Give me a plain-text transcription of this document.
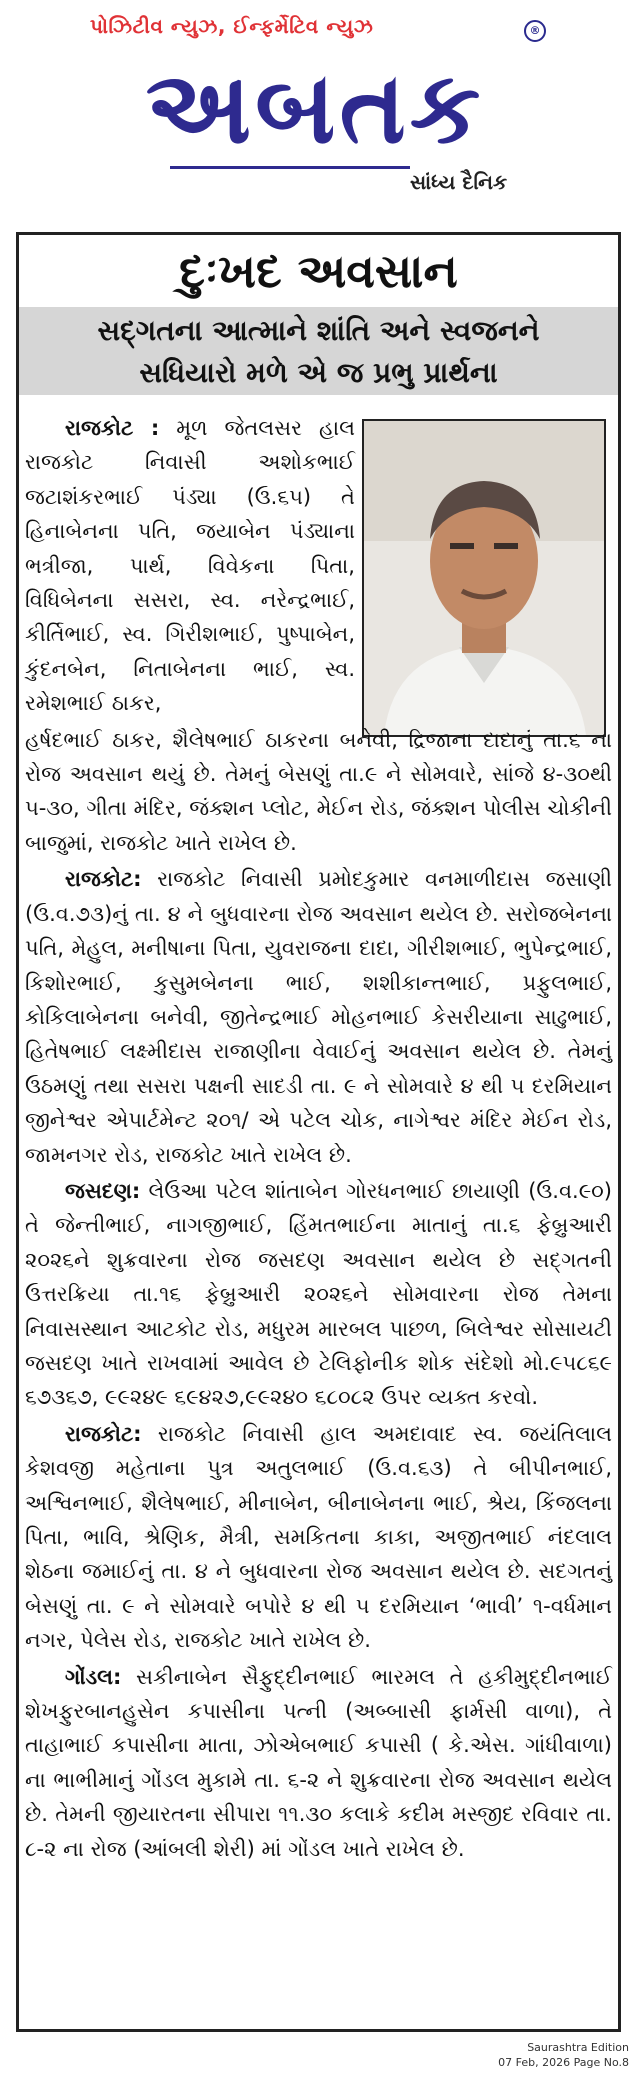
પોઝિટીવ ન્યુઝ, ઈન્ફર્મેટિવ ન્યુઝ	®
અબતક
સાંધ્ય દૈનિક
દુઃખદ અવસાન
સદ્ગતના આત્માને શાંતિ અને સ્વજનને
સધિયારો મળે એ જ પ્રભુ પ્રાર્થના

રાજકોટ : મૂળ જેતલસર હાલ રાજકોટ નિવાસી અશોકભાઈ જટાશંકરભાઈ પંડ્યા (ઉ.૬૫) તે હિનાબેનના પતિ, જયાબેન પંડ્યાના ભત્રીજા, પાર્થ, વિવેકના પિતા, વિધિબેનના સસરા, સ્વ. નરેન્દ્રભાઈ, કીર્તિભાઈ, સ્વ. ગિરીશભાઈ, પુષ્પાબેન, કુંદનબેન, નિતાબેનના ભાઈ, સ્વ. રમેશભાઈ ઠાકર,

હર્ષદભાઈ ઠાકર, શૈલેષભાઈ ઠાકરના બનેવી, દ્રિજાના દાદાનું તા.૬ ના રોજ અવસાન થયું છે. તેમનું બેસણું તા.૯ ને સોમવારે, સાંજે ૪-૩૦થી ૫-૩૦, ગીતા મંદિર, જંક્શન પ્લોટ, મેઈન રોડ, જંક્શન પોલીસ ચોકીની બાજુમાં, રાજકોટ ખાતે રાખેલ છે.

રાજકોટ: રાજકોટ નિવાસી પ્રમોદકુમાર વનમાળીદાસ જસાણી (ઉ.વ.૭૩)નું તા. ૪ ને બુધવારના રોજ અવસાન થયેલ છે. સરોજબેનના પતિ, મેહુલ, મનીષાના પિતા, યુવરાજના દાદા, ગીરીશભાઈ, ભુપેન્દ્રભાઈ, કિશોરભાઈ, કુસુમબેનના ભાઈ, શશીકાન્તભાઈ, પ્રફુલભાઈ, કોકિલાબેનના બનેવી, જીતેન્દ્રભાઈ મોહનભાઈ કેસરીયાના સાઢુભાઈ, હિતેષભાઈ લક્ષ્મીદાસ રાજાણીના વેવાઈનું અવસાન થયેલ છે. તેમનું ઉઠમણું તથા સસરા પક્ષની સાદડી તા. ૯ ને સોમવારે ૪ થી ૫ દરમિયાન જીનેશ્વર એપાર્ટમેન્ટ ૨૦૧/ એ પટેલ ચોક, નાગેશ્વર મંદિર મેઈન રોડ, જામનગર રોડ, રાજકોટ ખાતે રાખેલ છે.

જસદણ: લેઉઆ પટેલ શાંતાબેન ગોરધનભાઈ છાયાણી (ઉ.વ.૯૦) તે જેન્તીભાઈ, નાગજીભાઈ, હિંમતભાઈના માતાનું તા.૬ ફેબ્રુઆરી ૨૦૨૬ને શુક્રવારના રોજ જસદણ અવસાન થયેલ છે સદ્ગતની ઉત્તરક્રિયા તા.૧૬ ફેબ્રુઆરી ૨૦૨૬ને સોમવારના રોજ તેમના નિવાસસ્થાન આટકોટ રોડ, મધુરમ મારબલ પાછળ, બિલેશ્વર સોસાયટી જસદણ ખાતે રાખવામાં આવેલ છે ટેલિફોનીક શોક સંદેશો મો.૯૫૮૬૯ ૬૭૩૬૭, ૯૯૨૪૯ ૬૯૪૨૭,૯૯૨૪૦ ૬૮૦૮૨ ઉપર વ્યક્ત કરવો.

રાજકોટ: રાજકોટ નિવાસી હાલ અમદાવાદ સ્વ. જયંતિલાલ કેશવજી મહેતાના પુત્ર અતુલભાઈ (ઉ.વ.૬૩) તે બીપીનભાઈ, અશ્વિનભાઈ, શૈલેષભાઈ, મીનાબેન, બીનાબેનના ભાઈ, શ્રેય, કિંજલના પિતા, ભાવિ, શ્રેણિક, મૈત્રી, સમકિતના કાકા, અજીતભાઈ નંદલાલ શેઠના જમાઈનું તા. ૪ ને બુધવારના રોજ અવસાન થયેલ છે. સદગતનું બેસણું તા. ૯ ને સોમવારે બપોરે ૪ થી ૫ દરમિયાન ‘ભાવી’ ૧-વર્ધમાન નગર, પેલેસ રોડ, રાજકોટ ખાતે રાખેલ છે.

ગોંડલ: સકીનાબેન સૈફુદ્દીનભાઈ ભારમલ તે હકીમુદ્દીનભાઈ શેખફુરબાનહુસેન કપાસીના પત્ની (અબ્બાસી ફાર્મસી વાળા), તે તાહાભાઈ કપાસીના માતા, ઝોએબભાઈ કપાસી ( કે.એસ. ગાંધીવાળા) ના ભાભીમાનું ગોંડલ મુકામે તા. ૬-૨ ને શુક્રવારના રોજ અવસાન થયેલ છે. તેમની જીયારતના સીપારા ૧૧.૩૦ કલાકે કદીમ મસ્જીદ રવિવાર તા. ૮-૨ ના રોજ (આંબલી શેરી) માં ગોંડલ ખાતે રાખેલ છે.

Saurashtra Edition
07 Feb, 2026 Page No.8
